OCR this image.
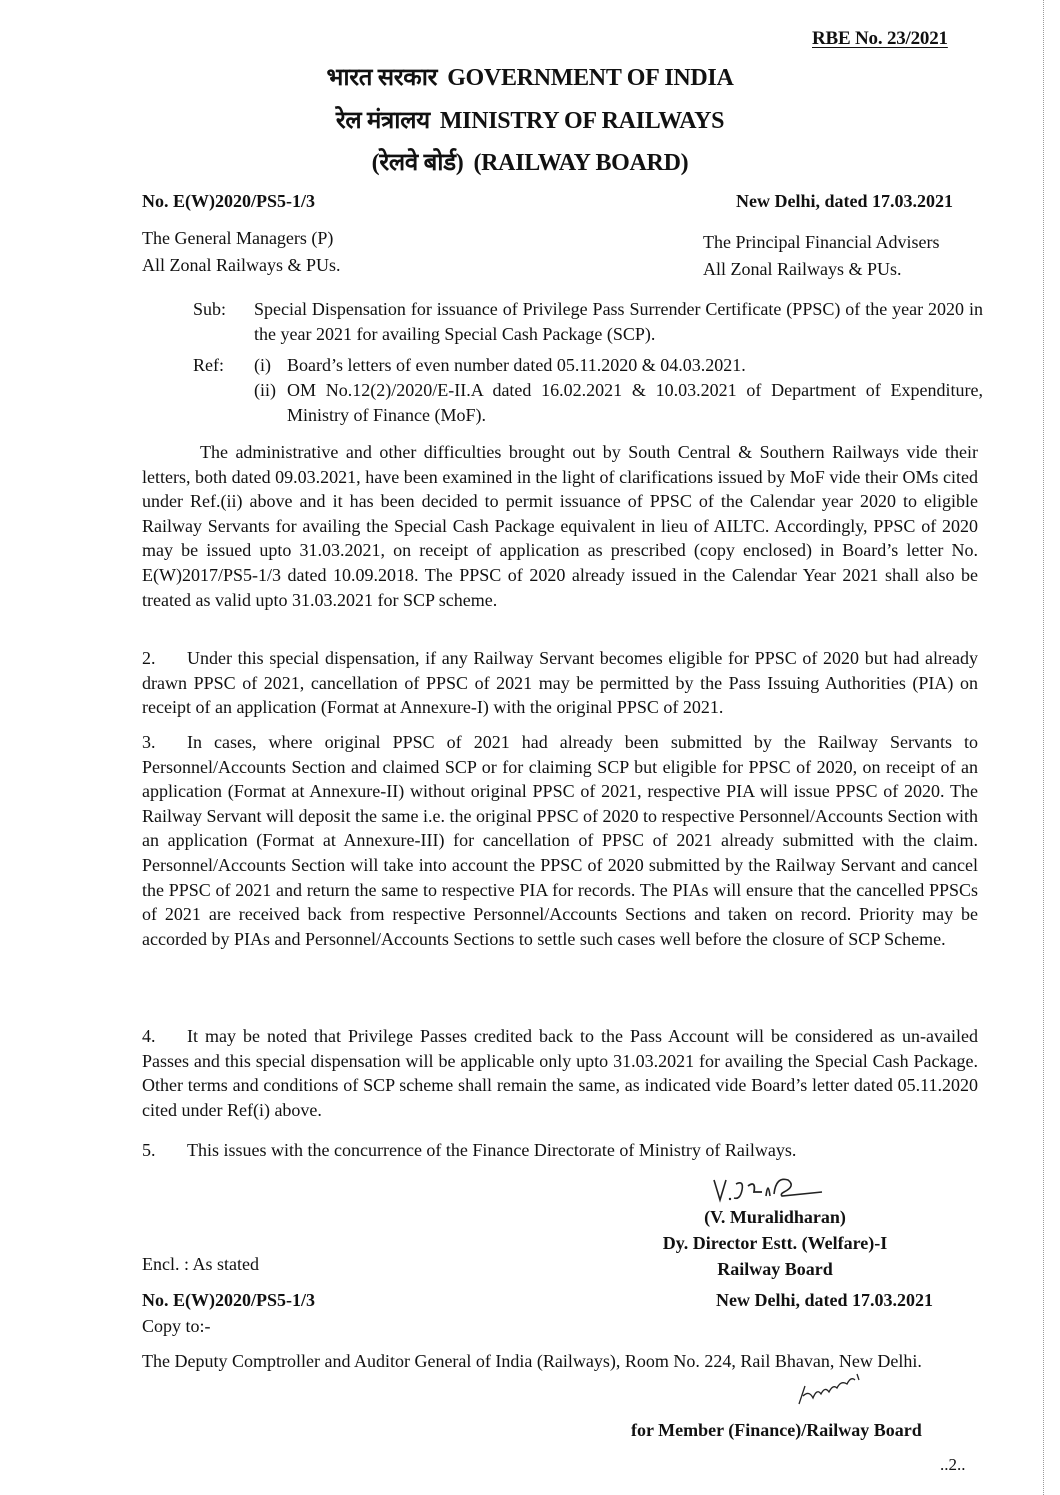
RBE No. 23/2021
भारत सरकार GOVERNMENT OF INDIA
रेल मंत्रालय MINISTRY OF RAILWAYS
(रेलवे बोर्ड) (RAILWAY BOARD)
No. E(W)2020/PS5-1/3	New Delhi, dated 17.03.2021
The General Managers (P)
All Zonal Railways & PUs.
The Principal Financial Advisers
All Zonal Railways & PUs.
Sub:	Special Dispensation for issuance of Privilege Pass Surrender Certificate (PPSC) of the year 2020 in the year 2021 for availing Special Cash Package (SCP).
Ref:	(i) Board’s letters of even number dated 05.11.2020 & 04.03.2021.
(ii) OM No.12(2)/2020/E-II.A dated 16.02.2021 & 10.03.2021 of Department of Expenditure, Ministry of Finance (MoF).
The administrative and other difficulties brought out by South Central & Southern Railways vide their letters, both dated 09.03.2021, have been examined in the light of clarifications issued by MoF vide their OMs cited under Ref.(ii) above and it has been decided to permit issuance of PPSC of the Calendar year 2020 to eligible Railway Servants for availing the Special Cash Package equivalent in lieu of AILTC. Accordingly, PPSC of 2020 may be issued upto 31.03.2021, on receipt of application as prescribed (copy enclosed) in Board’s letter No. E(W)2017/PS5-1/3 dated 10.09.2018. The PPSC of 2020 already issued in the Calendar Year 2021 shall also be treated as valid upto 31.03.2021 for SCP scheme.
2. Under this special dispensation, if any Railway Servant becomes eligible for PPSC of 2020 but had already drawn PPSC of 2021, cancellation of PPSC of 2021 may be permitted by the Pass Issuing Authorities (PIA) on receipt of an application (Format at Annexure-I) with the original PPSC of 2021.
3. In cases, where original PPSC of 2021 had already been submitted by the Railway Servants to Personnel/Accounts Section and claimed SCP or for claiming SCP but eligible for PPSC of 2020, on receipt of an application (Format at Annexure-II) without original PPSC of 2021, respective PIA will issue PPSC of 2020. The Railway Servant will deposit the same i.e. the original PPSC of 2020 to respective Personnel/Accounts Section with an application (Format at Annexure-III) for cancellation of PPSC of 2021 already submitted with the claim. Personnel/Accounts Section will take into account the PPSC of 2020 submitted by the Railway Servant and cancel the PPSC of 2021 and return the same to respective PIA for records. The PIAs will ensure that the cancelled PPSCs of 2021 are received back from respective Personnel/Accounts Sections and taken on record. Priority may be accorded by PIAs and Personnel/Accounts Sections to settle such cases well before the closure of SCP Scheme.
4. It may be noted that Privilege Passes credited back to the Pass Account will be considered as un-availed Passes and this special dispensation will be applicable only upto 31.03.2021 for availing the Special Cash Package. Other terms and conditions of SCP scheme shall remain the same, as indicated vide Board’s letter dated 05.11.2020 cited under Ref(i) above.
5. This issues with the concurrence of the Finance Directorate of Ministry of Railways.
(V. Muralidharan)
Dy. Director Estt. (Welfare)-I
Railway Board
Encl. : As stated
No. E(W)2020/PS5-1/3	New Delhi, dated 17.03.2021
Copy to:-
The Deputy Comptroller and Auditor General of India (Railways), Room No. 224, Rail Bhavan, New Delhi.
for Member (Finance)/Railway Board
..2..
